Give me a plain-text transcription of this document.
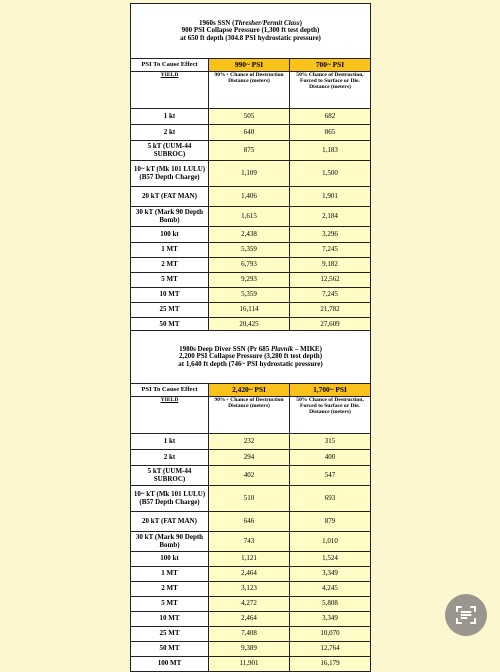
1960s SSN (Thresher/Permit Class)
900 PSI Collapse Pressure (1,300 ft test depth)
at 650 ft depth (304.8 PSI hydrostatic pressure)		
PSI To Cause Effect	990~ PSI	700~ PSI
YIELD	90%+ Chance of Destruction Distance (meters)	50% Chance of Destruction, Forced to Surface or Die. Distance (meters)
1 kt	505	682
2 kt	640	865
5 kT (UUM-44 SUBROC)	875	1,183
10~ kT (Mk 101 LULU) (B57 Depth Charge)	1,109	1,500
20 kT (FAT MAN)	1,406	1,901
30 kT (Mark 90 Depth Bomb)	1,615	2,184
100 kt	2,438	3,296
1 MT	5,359	7,245
2 MT	6,793	9,182
5 MT	9,293	12,562
10 MT	5,359	7,245
25 MT	16,114	21,782
50 MT	20,425	27,609

1980s Deep Diver SSN (Pr 685 Plavnik – MIKE)
2,200 PSI Collapse Pressure (3,280 ft test depth)
at 1,640 ft depth (746~ PSI hydrostatic pressure)		
PSI To Cause Effect	2,420~ PSI	1,700~ PSI
YIELD	90%+ Chance of Destruction Distance (meters)	50% Chance of Destruction, Forced to Surface or Die. Distance (meters)
1 kt	232	315
2 kt	294	400
5 kT (UUM-44 SUBROC)	402	547
10~ kT (Mk 101 LULU) (B57 Depth Charge)	510	693
20 kT (FAT MAN)	646	879
30 kT (Mark 90 Depth Bomb)	743	1,010
100 kt	1,121	1,524
1 MT	2,464	3,349
2 MT	3,123	4,245
5 MT	4,272	5,808
10 MT	2,464	3,349
25 MT	7,408	10,070
50 MT	9,389	12,764
100 MT	11,901	16,179
